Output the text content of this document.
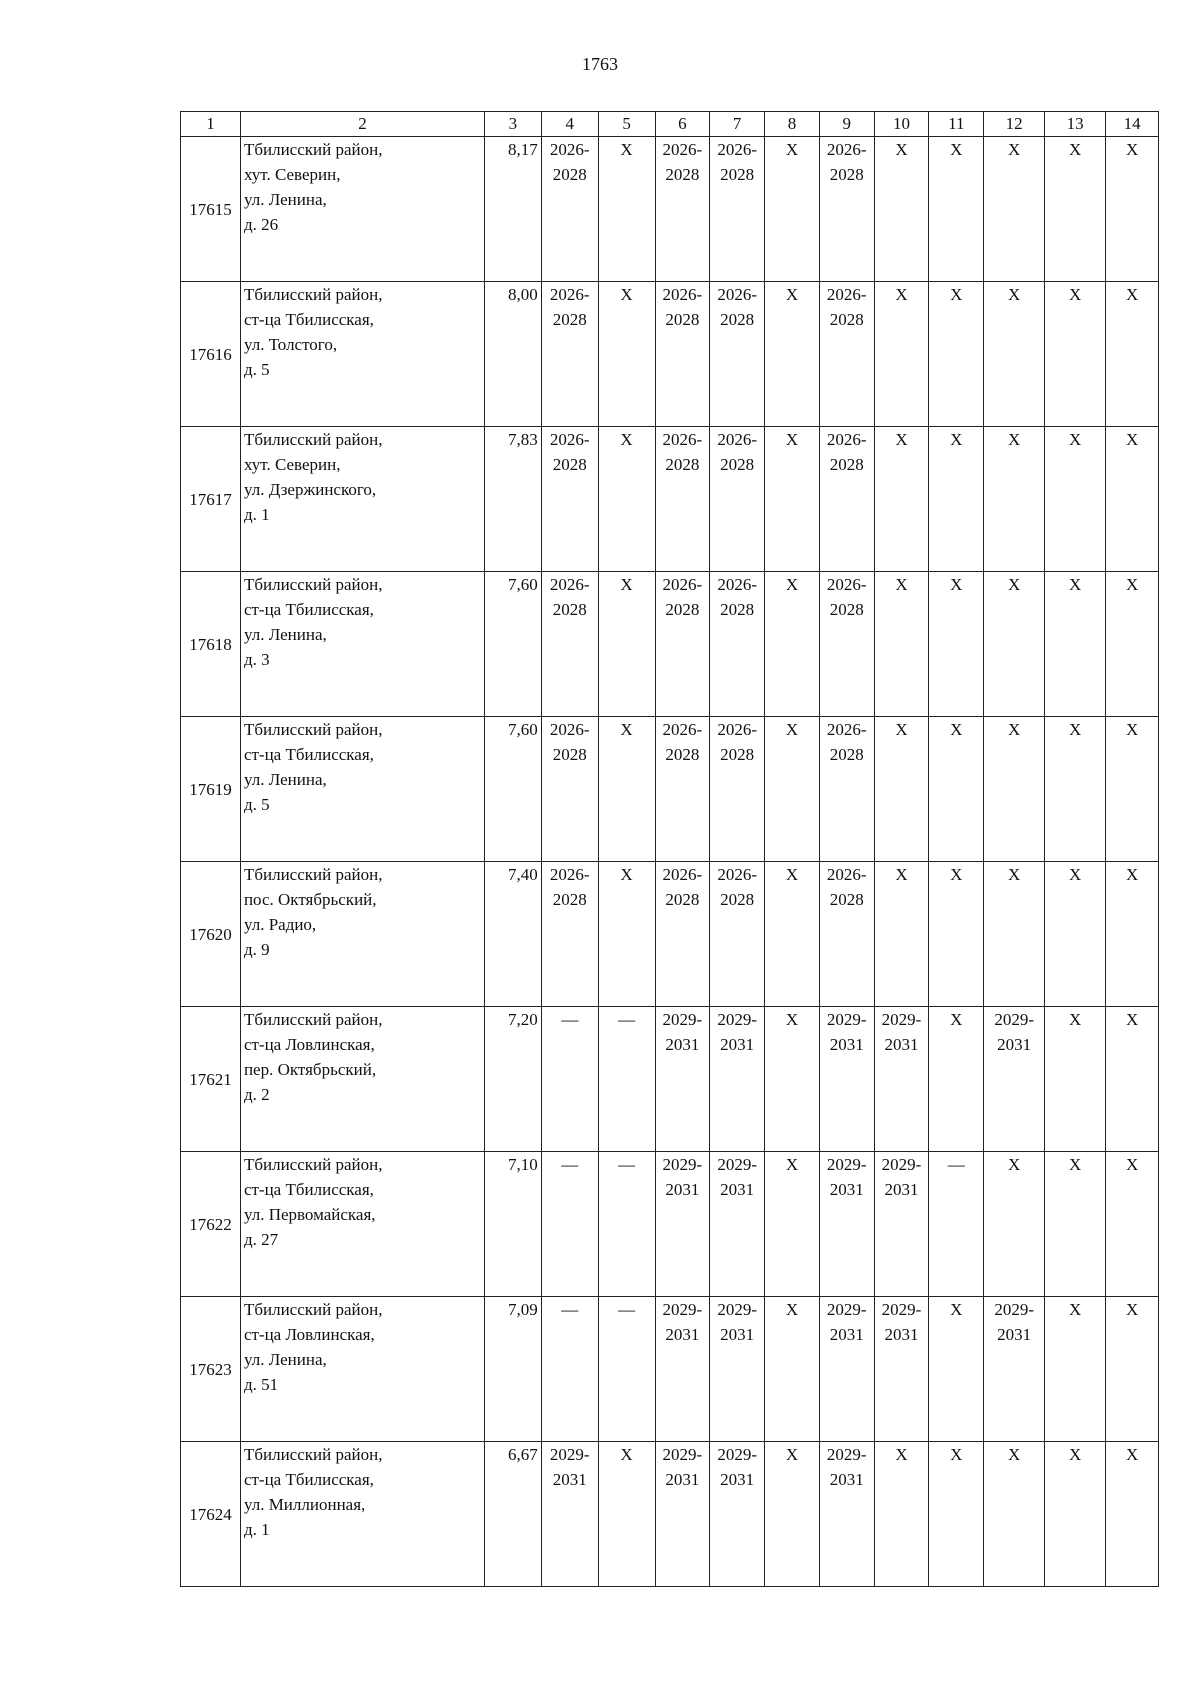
1763
1	2	3	4	5	6	7	8	9	10	11	12	13	14
17615	Тбилисский район,
хут. Северин,
ул. Ленина,
д. 26	8,17	2026-
2028	Х	2026-
2028	2026-
2028	Х	2026-
2028	Х	Х	Х	Х	Х
17616	Тбилисский район,
ст-ца Тбилисская,
ул. Толстого,
д. 5	8,00	2026-
2028	Х	2026-
2028	2026-
2028	Х	2026-
2028	Х	Х	Х	Х	Х
17617	Тбилисский район,
хут. Северин,
ул. Дзержинского,
д. 1	7,83	2026-
2028	Х	2026-
2028	2026-
2028	Х	2026-
2028	Х	Х	Х	Х	Х
17618	Тбилисский район,
ст-ца Тбилисская,
ул. Ленина,
д. 3	7,60	2026-
2028	Х	2026-
2028	2026-
2028	Х	2026-
2028	Х	Х	Х	Х	Х
17619	Тбилисский район,
ст-ца Тбилисская,
ул. Ленина,
д. 5	7,60	2026-
2028	Х	2026-
2028	2026-
2028	Х	2026-
2028	Х	Х	Х	Х	Х
17620	Тбилисский район,
пос. Октябрьский,
ул. Радио,
д. 9	7,40	2026-
2028	Х	2026-
2028	2026-
2028	Х	2026-
2028	Х	Х	Х	Х	Х
17621	Тбилисский район,
ст-ца Ловлинская,
пер. Октябрьский,
д. 2	7,20	—	—	2029-
2031	2029-
2031	Х	2029-
2031	2029-
2031	Х	2029-
2031	Х	Х
17622	Тбилисский район,
ст-ца Тбилисская,
ул. Первомайская,
д. 27	7,10	—	—	2029-
2031	2029-
2031	Х	2029-
2031	2029-
2031	—	Х	Х	Х
17623	Тбилисский район,
ст-ца Ловлинская,
ул. Ленина,
д. 51	7,09	—	—	2029-
2031	2029-
2031	Х	2029-
2031	2029-
2031	Х	2029-
2031	Х	Х
17624	Тбилисский район,
ст-ца Тбилисская,
ул. Миллионная,
д. 1	6,67	2029-
2031	Х	2029-
2031	2029-
2031	Х	2029-
2031	Х	Х	Х	Х	Х
